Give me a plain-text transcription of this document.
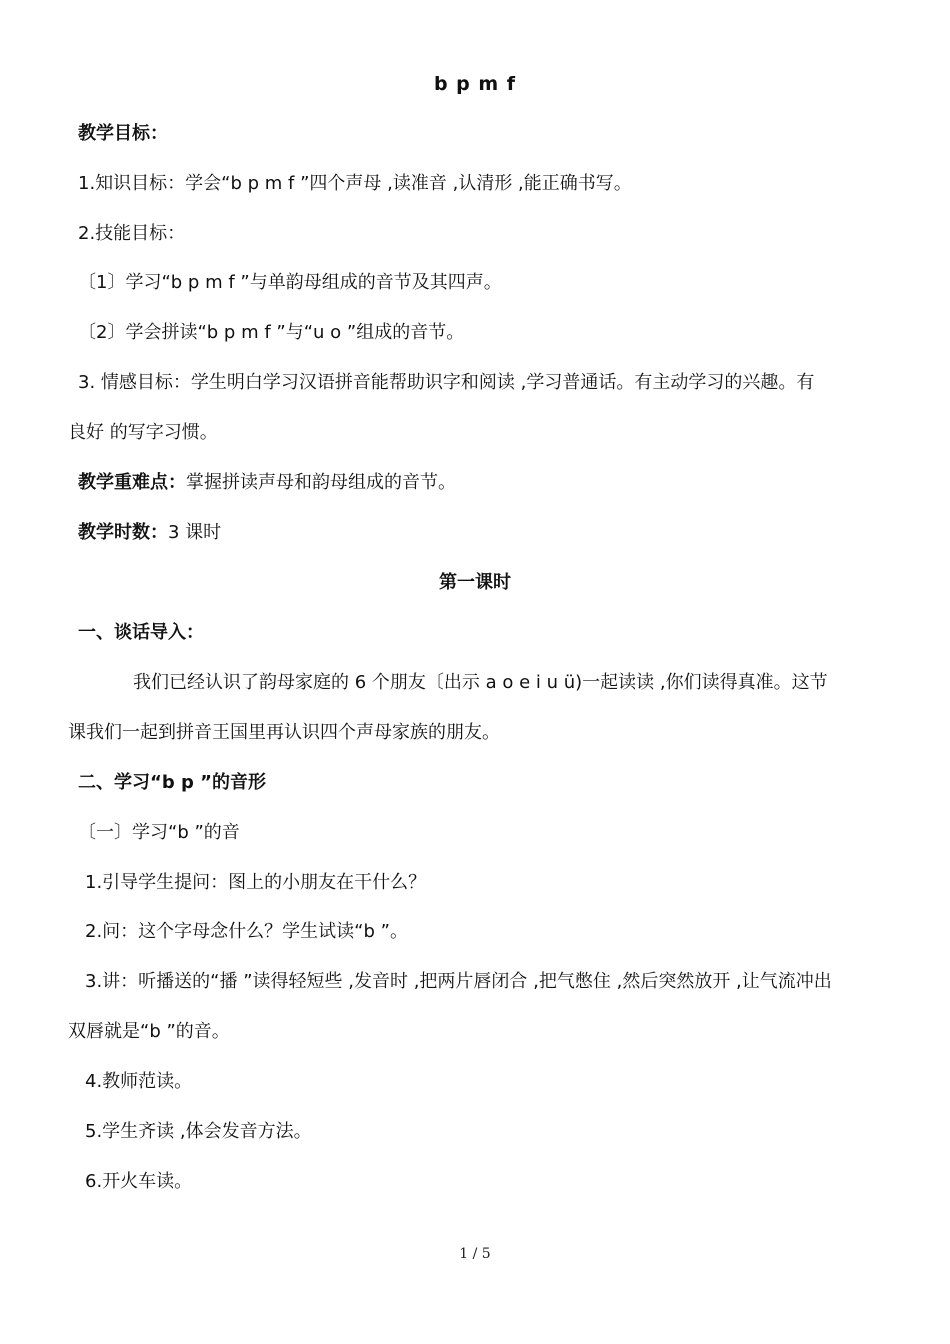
b p m f
教学目标：
1.知识目标：学会“b p m f ”四个声母 ,读准音 ,认清形 ,能正确书写。
2.技能目标：
〔1〕学习“b p m f ”与单韵母组成的音节及其四声。
〔2〕学会拼读“b p m f ”与“u o ”组成的音节。
3. 情感目标：学生明白学习汉语拼音能帮助识字和阅读 ,学习普通话。有主动学习的兴趣。有
良好 的写字习惯。
教学重难点：掌握拼读声母和韵母组成的音节。
教学时数：3 课时
第一课时
一、谈话导入：
我们已经认识了韵母家庭的 6 个朋友〔出示 a o e i u ü)一起读读 ,你们读得真准。这节
课我们一起到拼音王国里再认识四个声母家族的朋友。
二、学习“b p ”的音形
〔一〕学习“b ”的音
1.引导学生提问：图上的小朋友在干什么？
2.问：这个字母念什么？学生试读“b ”。
3.讲：听播送的“播 ”读得轻短些 ,发音时 ,把两片唇闭合 ,把气憋住 ,然后突然放开 ,让气流冲出
双唇就是“b ”的音。
4.教师范读。
5.学生齐读 ,体会发音方法。
6.开火车读。
1 / 5
